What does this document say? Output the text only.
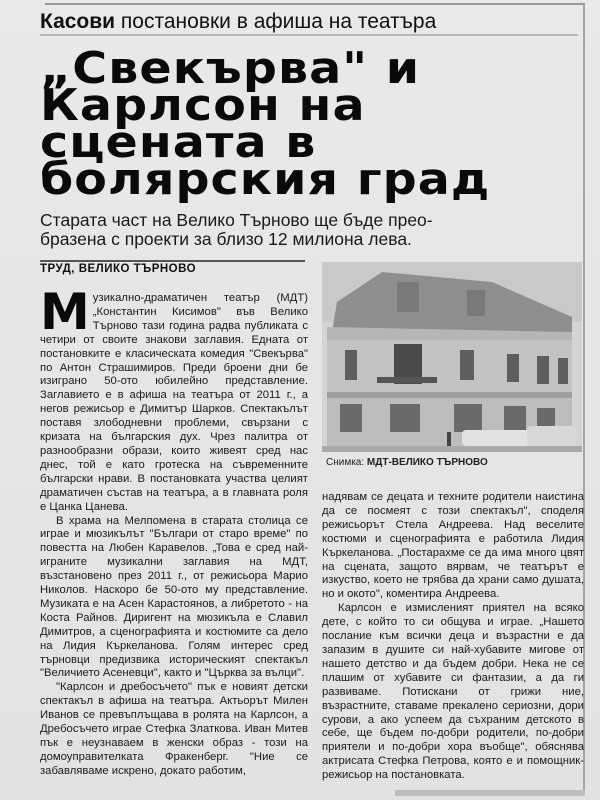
Касови постановки в афиша на театъра
„Свекърва" и
Карлсон на
сцената в
болярския град
Старата част на Велико Търново ще бъде прео-
бразена с проекти за близо 12 милиона лева.
ТРУД, ВЕЛИКО ТЪРНОВО

Музикално-драматичен театър (МДТ) „Константин Кисимов" във Велико Търново тази година радва публиката с четири от своите знакови заглавия. Едната от постановките е класическата комедия "Свекърва" по Антон Страшимиров. Преди броени дни бе изиграно 50-ото юбилейно представление. Заглавието е в афиша на театъра от 2011 г., а негов режисьор е Димитър Шарков. Спектакълът поставя злободневни проблеми, свързани с кризата на българския дух. Чрез палитра от разнообразни образи, които живеят сред нас днес, той е като гротеска на съвременните български нрави. В постановката участва целият драматичен състав на театъра, а в главната роля е Цанка Цанева.

В храма на Мелпомена в старата столица се играе и мюзикълът "Българи от старо време" по повестта на Любен Каравелов. „Това е сред най-игранитe музикални заглавия на МДТ, възстановено през 2011 г., от режисьора Марио Николов. Наскоро бе 50-ото му представление. Музиката е на Асен Карастоянов, а либретото - на Коста Райнов. Диригент на мюзикъла е Славил Димитров, а сценографията и костюмите са дело на Лидия Къркеланова. Голям интерес сред търновци предизвика историческият спектакъл "Величието Асеневци", както и "Църква за вълци".

"Карлсон и дребосъчето" пък е новият детски спектакъл в афиша на театъра. Актьорът Милен Иванов се превъплъщава в ролята на Карлсон, а Дребосъчето играе Стефка Златкова. Иван Митев пък е неузнаваем в женски образ - този на домоуправителката Фракенберг. "Ние се забавляваме искрено, докато работим,

Снимка: МДТ-ВЕЛИКО ТЪРНОВО

надявам се децата и техните родители наистина да се посмеят с този спектакъл", споделя режисьорът Стела Андреева. Над веселите костюми и сценографията е работила Лидия Къркеланова. „Постарахме се да има много цвят на сцената, защото вярвам, че театърът е изкуство, което не трябва да храни само душата, но и окото", коментира Андреева.

Карлсон е измисленият приятел на всяко дете, с който то си общува и играе. „Нашето послание към всички деца и възрастни е да запазим в душите си най-хубавите мигове от нашето детство и да бъдем добри. Нека не се плашим от хубавите си фантазии, а да ги развиваме. Потискани от грижи ние, възрастните, ставаме прекалено сериозни, дори сурови, а ако успеем да съхраним детското в себе, ще бъдем по-добри родители, по-добри приятели и по-добри хора въобще", обяснява актрисата Стефка Петрова, която е и помощник-режисьор на постановката.
